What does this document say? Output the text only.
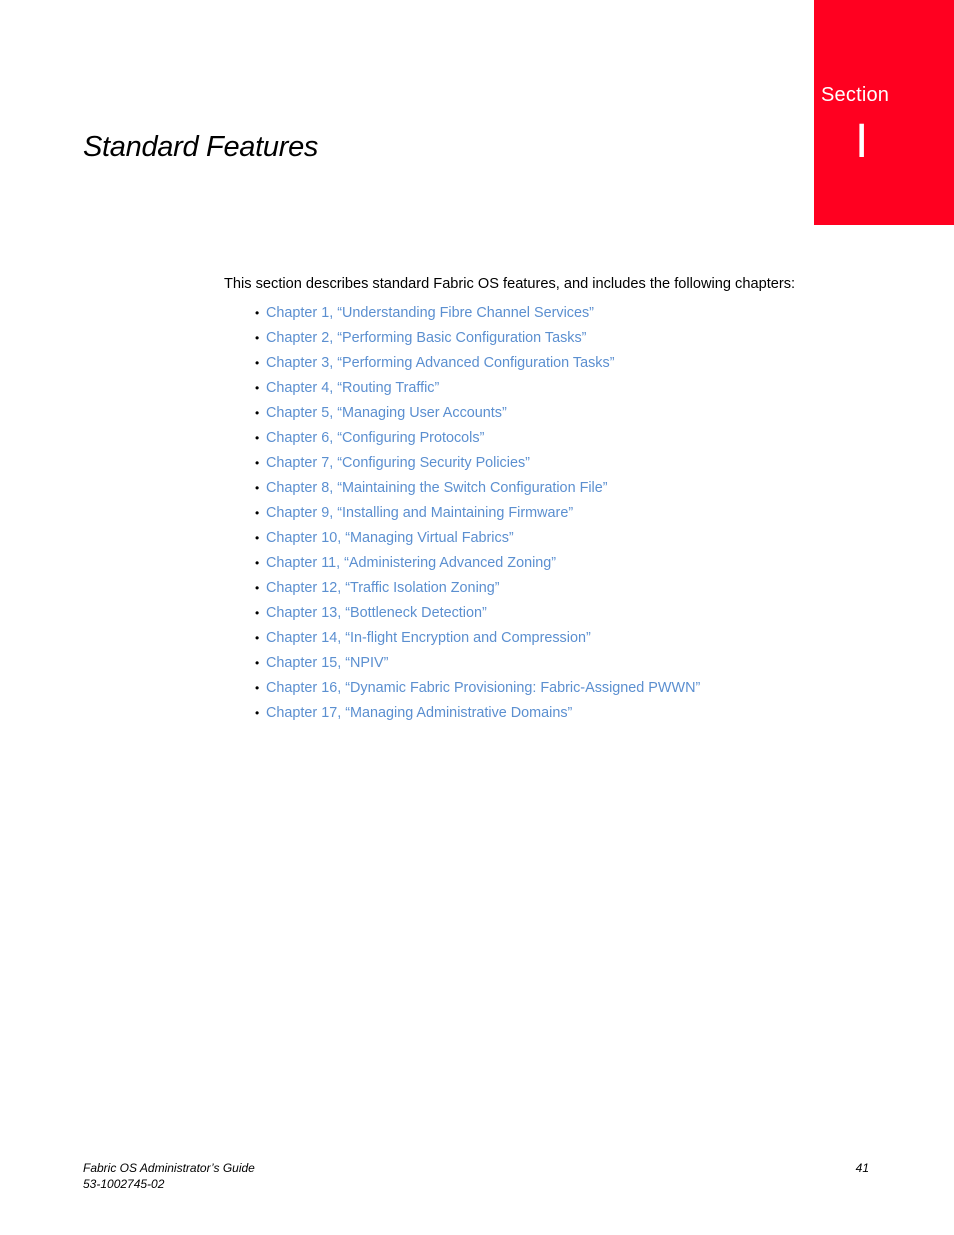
Section
I
Standard Features

This section describes standard Fabric OS features, and includes the following chapters:

• Chapter 1, “Understanding Fibre Channel Services”
• Chapter 2, “Performing Basic Configuration Tasks”
• Chapter 3, “Performing Advanced Configuration Tasks”
• Chapter 4, “Routing Traffic”
• Chapter 5, “Managing User Accounts”
• Chapter 6, “Configuring Protocols”
• Chapter 7, “Configuring Security Policies”
• Chapter 8, “Maintaining the Switch Configuration File”
• Chapter 9, “Installing and Maintaining Firmware”
• Chapter 10, “Managing Virtual Fabrics”
• Chapter 11, “Administering Advanced Zoning”
• Chapter 12, “Traffic Isolation Zoning”
• Chapter 13, “Bottleneck Detection”
• Chapter 14, “In-flight Encryption and Compression”
• Chapter 15, “NPIV”
• Chapter 16, “Dynamic Fabric Provisioning: Fabric-Assigned PWWN”
• Chapter 17, “Managing Administrative Domains”
Fabric OS Administrator’s Guide
53-1002745-02
41
